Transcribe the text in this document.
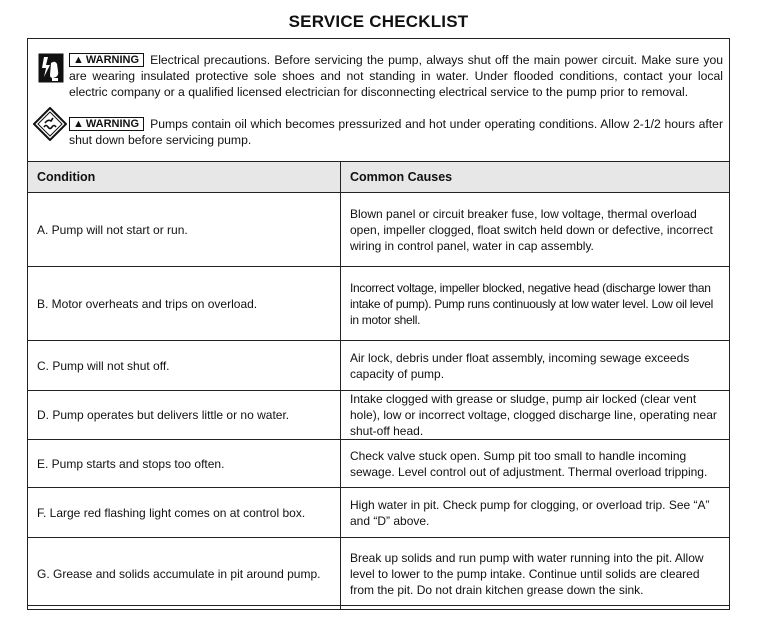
SERVICE CHECKLIST
▲ WARNING Electrical precautions. Before servicing the pump, always shut off the main power circuit. Make sure you are wearing insulated protective sole shoes and not standing in water. Under flooded conditions, contact your local electric company or a qualified licensed electrician for disconnecting electrical service to the pump prior to removal.
▲ WARNING Pumps contain oil which becomes pressurized and hot under operating conditions. Allow 2-1/2 hours after shut down before servicing pump.
Condition	Common Causes
A. Pump will not start or run.	Blown panel or circuit breaker fuse, low voltage, thermal overload open, impeller clogged, float switch held down or defective, incorrect wiring in control panel, water in cap assembly.
B. Motor overheats and trips on overload.	Incorrect voltage, impeller blocked, negative head (discharge lower than intake of pump). Pump runs continuously at low water level. Low oil level in motor shell.
C. Pump will not shut off.	Air lock, debris under float assembly, incoming sewage exceeds capacity of pump.
D. Pump operates but delivers little or no water.	Intake clogged with grease or sludge, pump air locked (clear vent hole), low or incorrect voltage, clogged discharge line, operating near shut-off head.
E. Pump starts and stops too often.	Check valve stuck open. Sump pit too small to handle incoming sewage. Level control out of adjustment. Thermal overload tripping.
F. Large red flashing light comes on at control box.	High water in pit. Check pump for clogging, or overload trip. See “A” and “D” above.
G. Grease and solids accumulate in pit around pump.	Break up solids and run pump with water running into the pit. Allow level to lower to the pump intake. Continue until solids are cleared from the pit. Do not drain kitchen grease down the sink.
